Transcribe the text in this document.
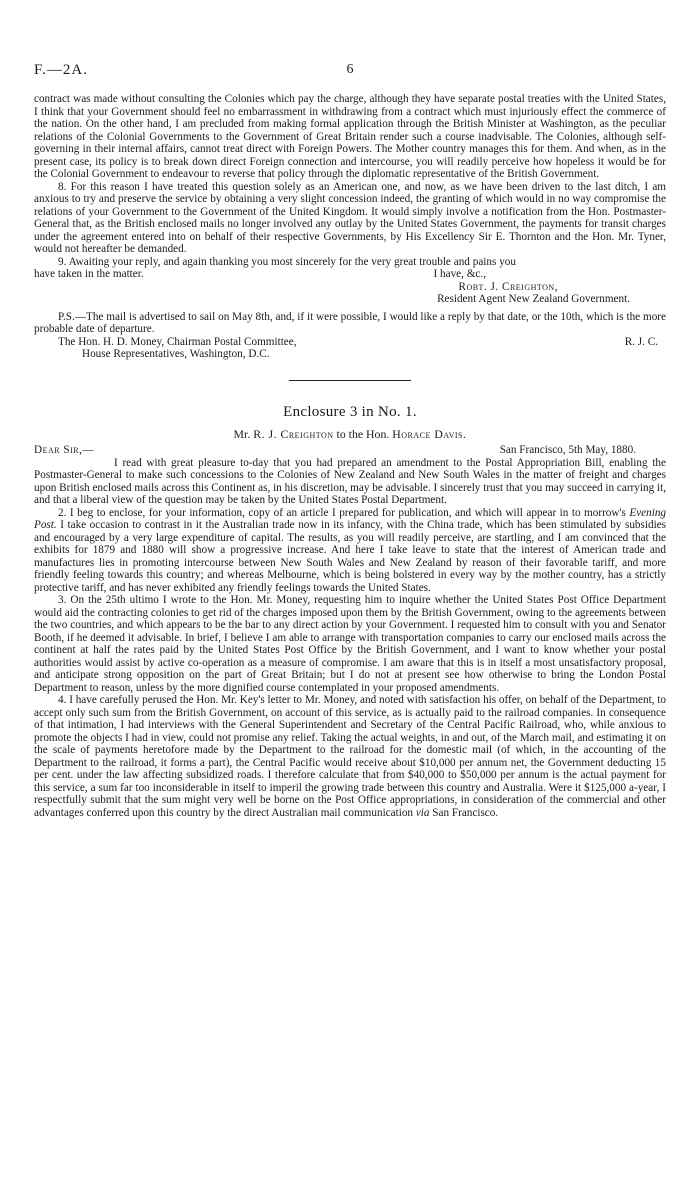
F.—2A.	6

contract was made without consulting the Colonies which pay the charge, although they have separate postal treaties with the United States, I think that your Government should feel no embarrassment in withdrawing from a contract which must injuriously effect the commerce of the nation. On the other hand, I am precluded from making formal application through the British Minister at Washington, as the peculiar relations of the Colonial Governments to the Government of Great Britain render such a course inadvisable. The Colonies, although self-governing in their internal affairs, cannot treat direct with Foreign Powers. The Mother country manages this for them. And when, as in the present case, its policy is to break down direct Foreign connection and intercourse, you will readily perceive how hopeless it would be for the Colonial Government to endeavour to reverse that policy through the diplomatic representative of the British Government.

8. For this reason I have treated this question solely as an American one, and now, as we have been driven to the last ditch, I am anxious to try and preserve the service by obtaining a very slight concession indeed, the granting of which would in no way compromise the relations of your Government to the Government of the United Kingdom. It would simply involve a notification from the Hon. Postmaster-General that, as the British enclosed mails no longer involved any outlay by the United States Government, the payments for transit charges under the agreement entered into on behalf of their respective Governments, by His Excellency Sir E. Thornton and the Hon. Mr. Tyner, would not hereafter be demanded.

9. Awaiting your reply, and again thanking you most sincerely for the very great trouble and pains you have taken in the matter.	I have, &c.,

Robt. J. Creighton,

Resident Agent New Zealand Government.

P.S.—The mail is advertised to sail on May 8th, and, if it were possible, I would like a reply by that date, or the 10th, which is the more probable date of departure.

The Hon. H. D. Money, Chairman Postal Committee,	R. J. C.

House Representatives, Washington, D.C.

Enclosure 3 in No. 1.
Mr. R. J. Creighton to the Hon. Horace Davis.
Dear Sir,—	San Francisco, 5th May, 1880.

I read with great pleasure to-day that you had prepared an amendment to the Postal Appropriation Bill, enabling the Postmaster-General to make such concessions to the Colonies of New Zealand and New South Wales in the matter of freight and charges upon British enclosed mails across this Continent as, in his discretion, may be advisable. I sincerely trust that you may succeed in carrying it, and that a liberal view of the question may be taken by the United States Postal Department.

2. I beg to enclose, for your information, copy of an article I prepared for publication, and which will appear in to morrow's Evening Post. I take occasion to contrast in it the Australian trade now in its infancy, with the China trade, which has been stimulated by subsidies and encouraged by a very large expenditure of capital. The results, as you will readily perceive, are startling, and I am convinced that the exhibits for 1879 and 1880 will show a progressive increase. And here I take leave to state that the interest of American trade and manufactures lies in promoting intercourse between New South Wales and New Zealand by reason of their favorable tariff, and more friendly feeling towards this country; and whereas Melbourne, which is being bolstered in every way by the mother country, has a strictly protective tariff, and has never exhibited any friendly feelings towards the United States.

3. On the 25th ultimo I wrote to the Hon. Mr. Money, requesting him to inquire whether the United States Post Office Department would aid the contracting colonies to get rid of the charges imposed upon them by the British Government, owing to the agreements between the two countries, and which appears to be the bar to any direct action by your Government. I requested him to consult with you and Senator Booth, if he deemed it advisable. In brief, I believe I am able to arrange with transportation companies to carry our enclosed mails across the continent at half the rates paid by the United States Post Office by the British Government, and I want to know whether your postal authorities would assist by active co-operation as a measure of compromise. I am aware that this is in itself a most unsatisfactory proposal, and anticipate strong opposition on the part of Great Britain; but I do not at present see how otherwise to bring the London Postal Department to reason, unless by the more dignified course contemplated in your proposed amendments.

4. I have carefully perused the Hon. Mr. Key's letter to Mr. Money, and noted with satisfaction his offer, on behalf of the Department, to accept only such sum from the British Government, on account of this service, as is actually paid to the railroad companies. In consequence of that intimation, I had interviews with the General Superintendent and Secretary of the Central Pacific Railroad, who, while anxious to promote the objects I had in view, could not promise any relief. Taking the actual weights, in and out, of the March mail, and estimating it on the scale of payments heretofore made by the Department to the railroad for the domestic mail (of which, in the accounting of the Department to the railroad, it forms a part), the Central Pacific would receive about $10,000 per annum net, the Government deducting 15 per cent. under the law affecting subsidized roads. I therefore calculate that from $40,000 to $50,000 per annum is the actual payment for this service, a sum far too inconsiderable in itself to imperil the growing trade between this country and Australia. Were it $125,000 a-year, I respectfully submit that the sum might very well be borne on the Post Office appropriations, in consideration of the commercial and other advantages conferred upon this country by the direct Australian mail communication via San Francisco.
